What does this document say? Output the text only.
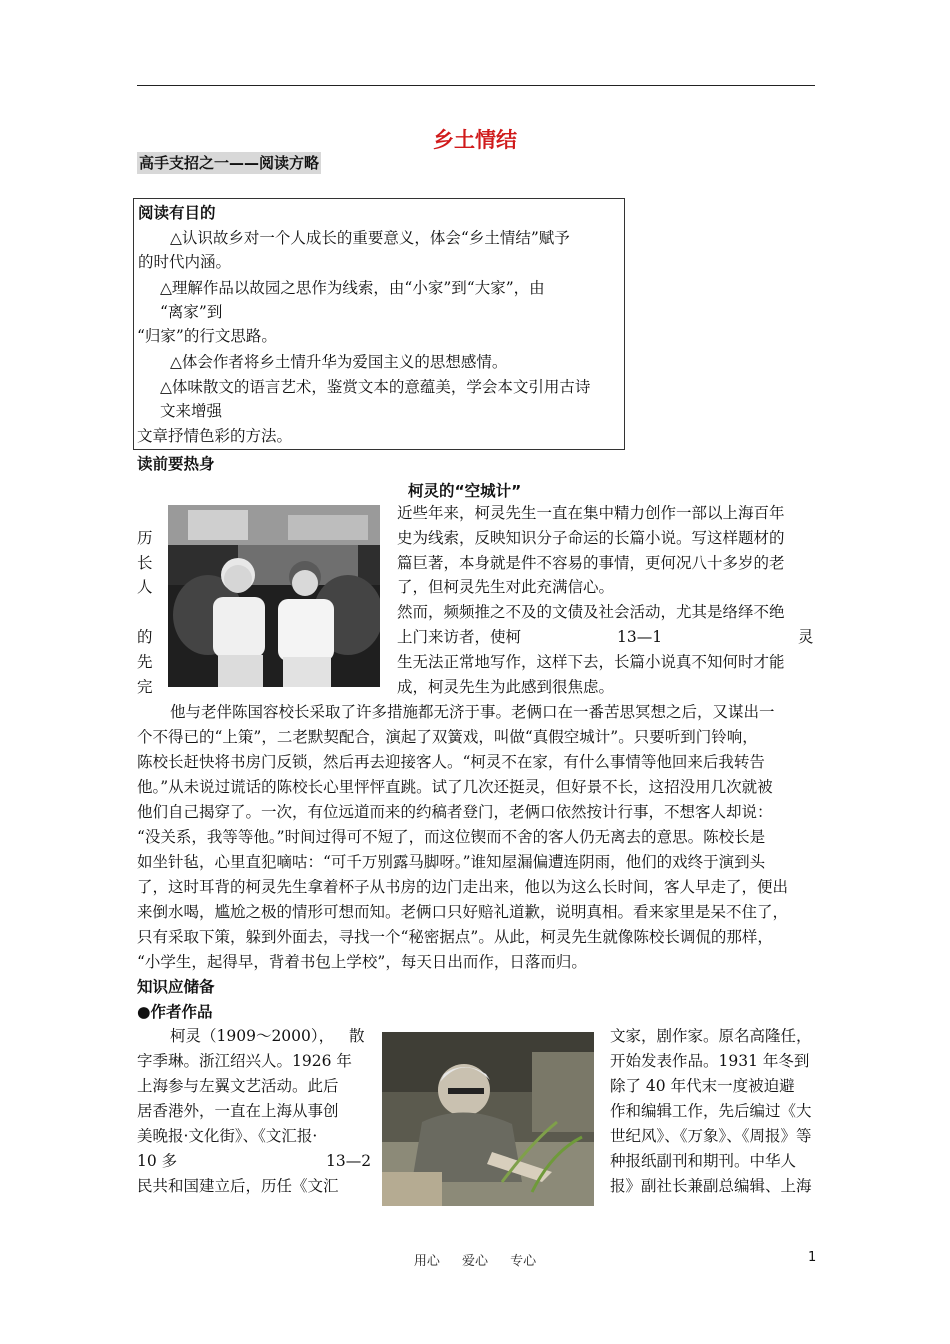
乡土情结
高手支招之一——阅读方略
阅读有目的
△认识故乡对一个人成长的重要意义，体会“乡土情结”赋予
的时代内涵。
△理解作品以故园之思作为线索，由“小家”到“大家”，由
“离家”到
“归家”的行文思路。
△体会作者将乡土情升华为爱国主义的思想感情。
△体味散文的语言艺术，鉴赏文本的意蕴美，学会本文引用古诗
文来增强
文章抒情色彩的方法。
读前要热身
柯灵的“空城计”
历
长
人
的
先
完
近些年来，柯灵先生一直在集中精力创作一部以上海百年
史为线索，反映知识分子命运的长篇小说。写这样题材的
篇巨著，本身就是件不容易的事情，更何况八十多岁的老
了，但柯灵先生对此充满信心。
然而，频频推之不及的文债及社会活动，尤其是络绎不绝
上门来访者，使柯	13—1	灵
生无法正常地写作，这样下去，长篇小说真不知何时才能
成，柯灵先生为此感到很焦虑。
他与老伴陈国容校长采取了许多措施都无济于事。老俩口在一番苦思冥想之后，又谋出一
个不得已的“上策”，二老默契配合，演起了双簧戏，叫做“真假空城计”。只要听到门铃响，
陈校长赶快将书房门反锁，然后再去迎接客人。“柯灵不在家，有什么事情等他回来后我转告
他。”从未说过谎话的陈校长心里怦怦直跳。试了几次还挺灵，但好景不长，这招没用几次就被
他们自己揭穿了。一次，有位远道而来的约稿者登门，老俩口依然按计行事，不想客人却说：
“没关系，我等等他。”时间过得可不短了，而这位锲而不舍的客人仍无离去的意思。陈校长是
如坐针毡，心里直犯嘀咕：“可千万别露马脚呀。”谁知屋漏偏遭连阴雨，他们的戏终于演到头
了，这时耳背的柯灵先生拿着杯子从书房的边门走出来，他以为这么长时间，客人早走了，便出
来倒水喝，尴尬之极的情形可想而知。老俩口只好赔礼道歉，说明真相。看来家里是呆不住了，
只有采取下策，躲到外面去，寻找一个“秘密据点”。从此，柯灵先生就像陈校长调侃的那样，
“小学生，起得早，背着书包上学校”，每天日出而作，日落而归。
知识应储备
●作者作品
柯灵（1909～2000）， 散
字季琳。浙江绍兴人。1926 年
上海参与左翼文艺活动。此后
居香港外，一直在上海从事创
美晚报·文化街》、《文汇报·
10 多	13—2
民共和国建立后，历任《文汇
文家，剧作家。原名高隆任，
开始发表作品。1931 年冬到
除了 40 年代末一度被迫避
作和编辑工作，先后编过《大
世纪风》、《万象》、《周报》等
种报纸副刊和期刊。中华人
报》副社长兼副总编辑、上海
用心 爱心 专心	1
